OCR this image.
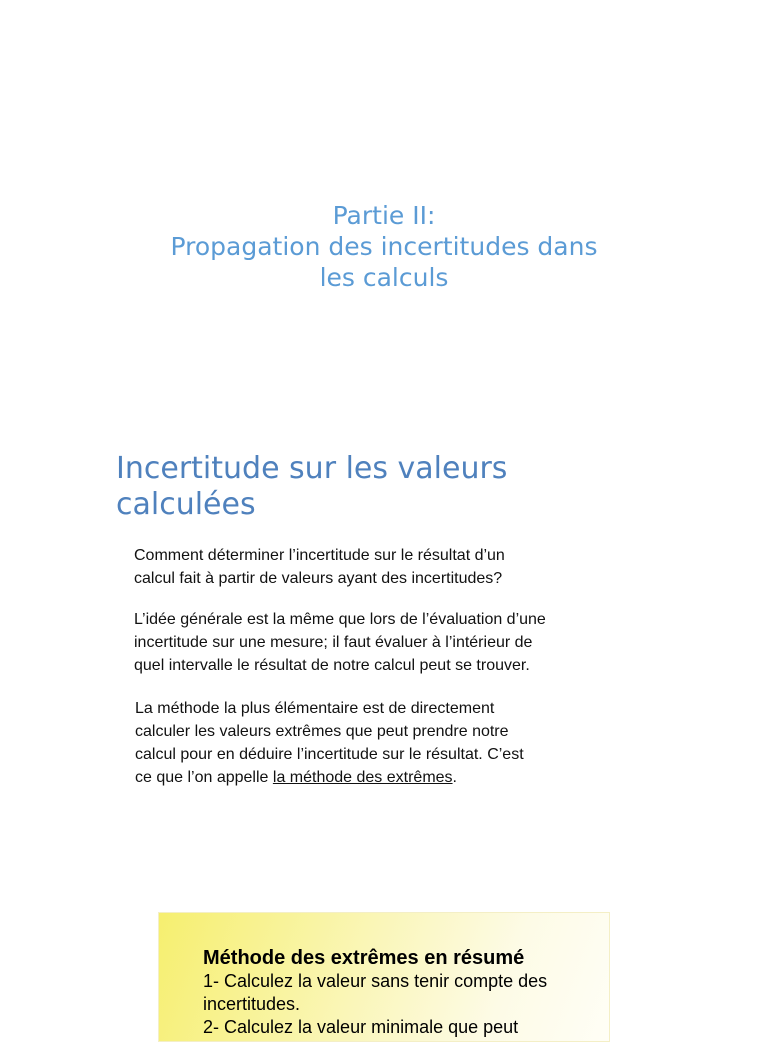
Partie II:
Propagation des incertitudes dans
les calculs
Incertitude sur les valeurs
calculées
Comment déterminer l’incertitude sur le résultat d’un
calcul fait à partir de valeurs ayant des incertitudes?
L’idée générale est la même que lors de l’évaluation d’une
incertitude sur une mesure; il faut évaluer à l’intérieur de
quel intervalle le résultat de notre calcul peut se trouver.
La méthode la plus élémentaire est de directement
calculer les valeurs extrêmes que peut prendre notre
calcul pour en déduire l’incertitude sur le résultat. C’est
ce que l’on appelle la méthode des extrêmes.
Méthode des extrêmes en résumé
1- Calculez la valeur sans tenir compte des
incertitudes.
2- Calculez la valeur minimale que peut
